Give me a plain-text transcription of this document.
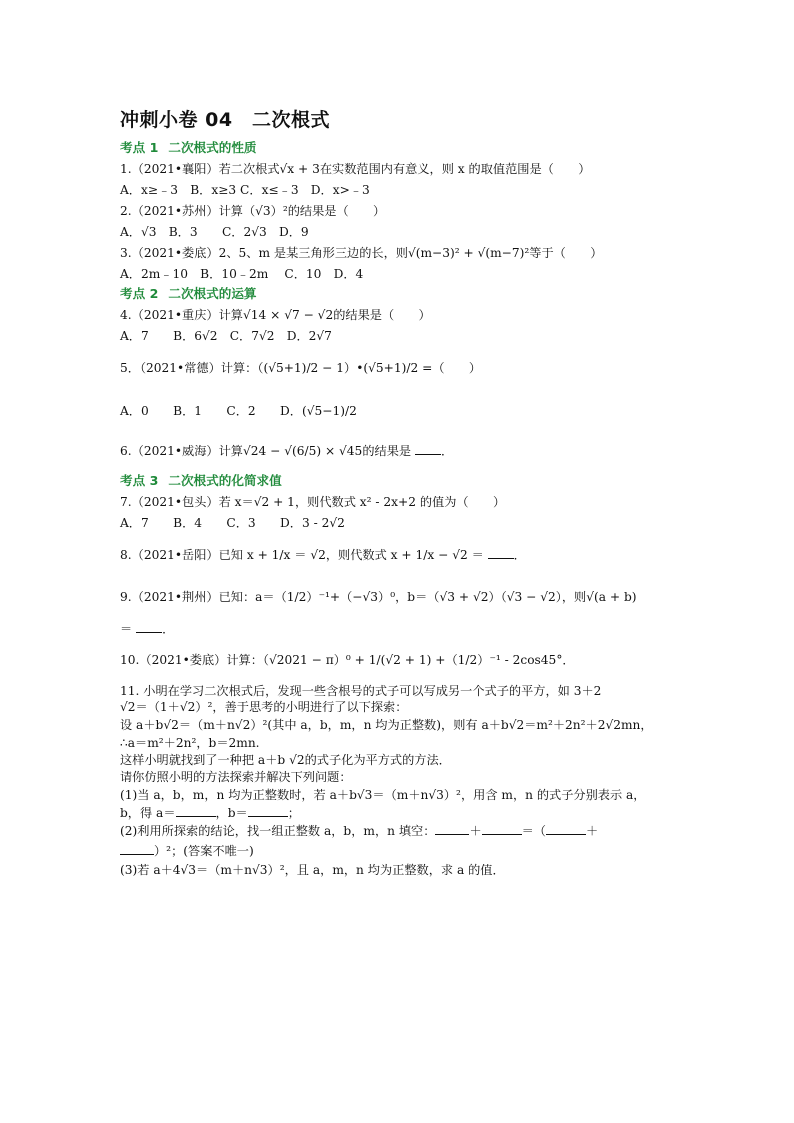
冲刺小卷 04　二次根式
考点 1 二次根式的性质
1.（2021•襄阳）若二次根式√x + 3在实数范围内有意义，则 x 的取值范围是（　　）
A．x≥﹣3　B．x≥3 C．x≤﹣3　D．x>﹣3
2.（2021•苏州）计算（√3）²的结果是（　　）
A．√3　B．3　　C．2√3　D．9
3.（2021•娄底）2、5、m 是某三角形三边的长，则√(m−3)² + √(m−7)²等于（　　）
A．2m﹣10　B．10﹣2m　 C．10　D．4
考点 2 二次根式的运算
4.（2021•重庆）计算√14 × √7 − √2的结果是（　　）
A．7　　B．6√2　C．7√2　D．2√7
5．（2021•常德）计算：（(√5+1)/2 − 1）•(√5+1)/2 =（　　）
A．0　　B．1　　C．2　　D．(√5−1)/2
6.（2021•威海）计算√24 − √(6/5) × √45的结果是 ．
考点 3 二次根式的化简求值
7.（2021•包头）若 x＝√2 + 1，则代数式 x² - 2x+2 的值为（　　）
A．7　　B．4　　C．3　　D．3 - 2√2
8.（2021•岳阳）已知 x + 1/x ＝ √2，则代数式 x + 1/x − √2 ＝ ．
9.（2021•荆州）已知：a＝（1/2）⁻¹+（−√3）⁰，b＝（√3 + √2）（√3 − √2），则√(a + b)
＝ ．
10.（2021•娄底）计算：（√2021 − π）⁰ + 1/(√2 + 1) +（1/2）⁻¹ - 2cos45°．
11. 小明在学习二次根式后，发现一些含根号的式子可以写成另一个式子的平方，如 3＋2
√2＝（1＋√2）²，善于思考的小明进行了以下探索：
设 a＋b√2＝（m＋n√2）²(其中 a，b，m，n 均为正整数)，则有 a＋b√2＝m²＋2n²＋2√2mn，
∴a＝m²＋2n²，b＝2mn.
这样小明就找到了一种把 a＋b √2的式子化为平方式的方法．
请你仿照小明的方法探索并解决下列问题：
(1)当 a，b，m，n 均为正整数时，若 a＋b√3＝（m＋n√3）²，用含 m，n 的式子分别表示 a，
b，得 a＝	，b＝	；
(2)利用所探索的结论，找一组正整数 a，b，m，n 填空：	＋	＝（	＋
）²；(答案不唯一)
(3)若 a＋4√3＝（m＋n√3）²，且 a，m，n 均为正整数，求 a 的值．
